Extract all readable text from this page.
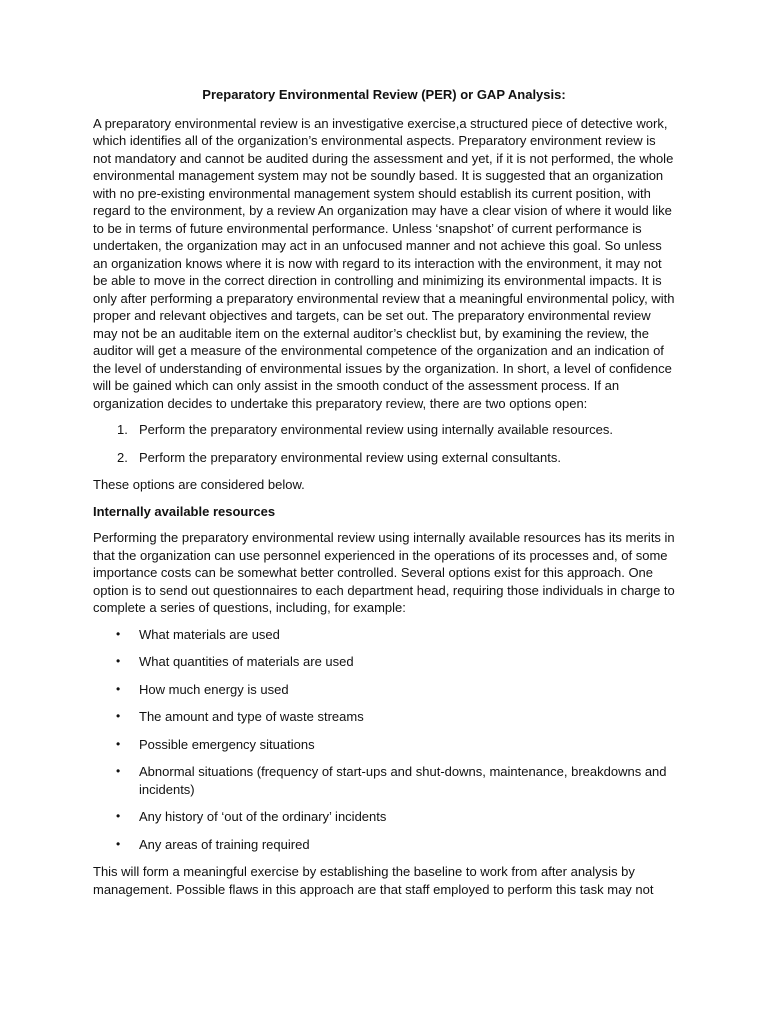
Preparatory Environmental Review (PER) or GAP Analysis:

A preparatory environmental review is an investigative exercise,a structured piece of detective work, which identifies all of the organization’s environmental aspects. Preparatory environment review is not mandatory and cannot be audited during the assessment and yet, if it is not performed, the whole environmental management system may not be soundly based. It is suggested that an organization with no pre-existing environmental management system should establish its current position, with regard to the environment, by a review An organization may have a clear vision of where it would like to be in terms of future environmental performance. Unless ‘snapshot’ of current performance is undertaken, the organization may act in an unfocused manner and not achieve this goal. So unless an organization knows where it is now with regard to its interaction with the environment, it may not be able to move in the correct direction in controlling and minimizing its environmental impacts. It is only after performing a preparatory environmental review that a meaningful environmental policy, with proper and relevant objectives and targets, can be set out. The preparatory environmental review may not be an auditable item on the external auditor’s checklist but, by examining the review, the auditor will get a measure of the environmental competence of the organization and an indication of the level of understanding of environmental issues by the organization. In short, a level of confidence will be gained which can only assist in the smooth conduct of the assessment process. If an organization decides to undertake this preparatory review, there are two options open:

1. Perform the preparatory environmental review using internally available resources.
2. Perform the preparatory environmental review using external consultants.

These options are considered below.

Internally available resources

Performing the preparatory environmental review using internally available resources has its merits in that the organization can use personnel experienced in the operations of its processes and, of some importance costs can be somewhat better controlled. Several options exist for this approach. One option is to send out questionnaires to each department head, requiring those individuals in charge to complete a series of questions, including, for example:

• What materials are used
• What quantities of materials are used
• How much energy is used
• The amount and type of waste streams
• Possible emergency situations
• Abnormal situations (frequency of start-ups and shut-downs, maintenance, breakdowns and incidents)
• Any history of ‘out of the ordinary’ incidents
• Any areas of training required

This will form a meaningful exercise by establishing the baseline to work from after analysis by management. Possible flaws in this approach are that staff employed to perform this task may not
